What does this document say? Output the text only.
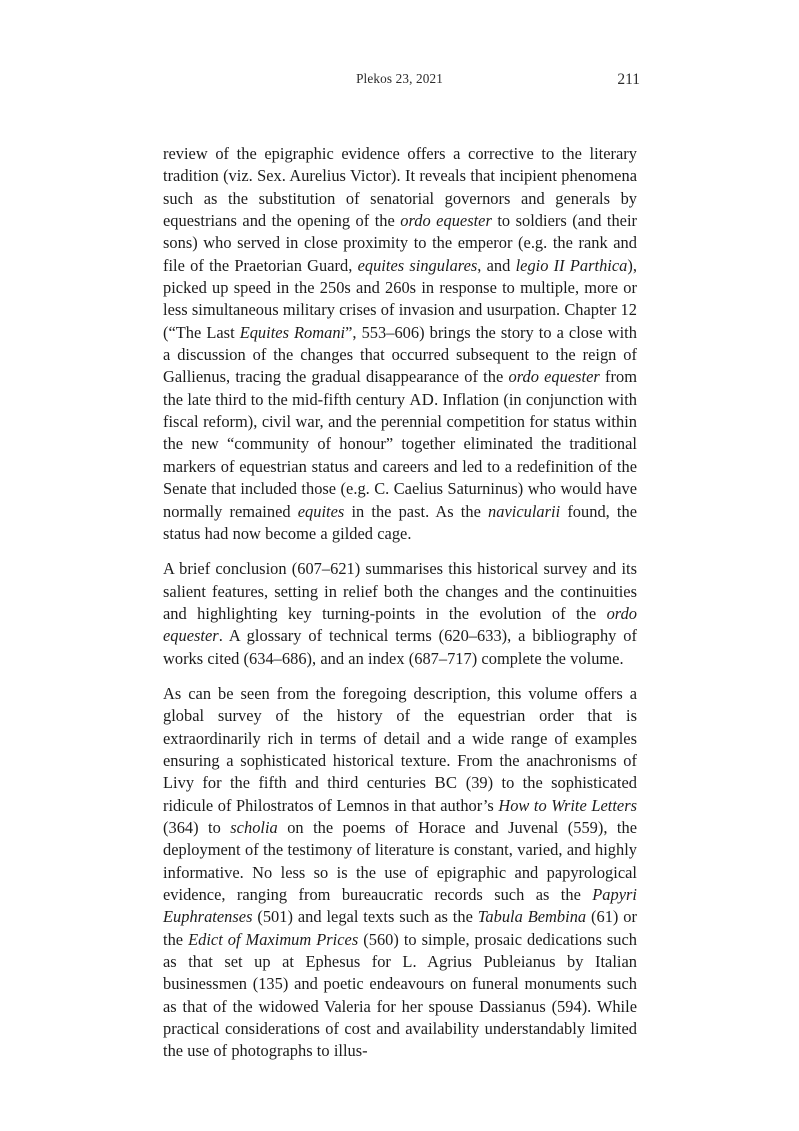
Plekos 23, 2021	211

review of the epigraphic evidence offers a corrective to the literary tradition (viz. Sex. Aurelius Victor). It reveals that incipient phenomena such as the substitution of senatorial governors and generals by equestrians and the opening of the ordo equester to soldiers (and their sons) who served in close proximity to the emperor (e.g. the rank and file of the Praetorian Guard, equites singulares, and legio II Parthica), picked up speed in the 250s and 260s in response to multiple, more or less simultaneous military crises of invasion and usurpation. Chapter 12 (“The Last Equites Romani”, 553–606) brings the story to a close with a discussion of the changes that occurred subsequent to the reign of Gallienus, tracing the gradual disappearance of the ordo equester from the late third to the mid-fifth century AD. Inflation (in conjunction with fiscal reform), civil war, and the perennial competition for status within the new “community of honour” together eliminated the traditional markers of equestrian status and careers and led to a redefinition of the Senate that included those (e.g. C. Caelius Saturninus) who would have normally remained equites in the past. As the navicularii found, the status had now become a gilded cage.

A brief conclusion (607–621) summarises this historical survey and its salient features, setting in relief both the changes and the continuities and highlighting key turning-points in the evolution of the ordo equester. A glossary of technical terms (620–633), a bibliography of works cited (634–686), and an index (687–717) complete the volume.

As can be seen from the foregoing description, this volume offers a global survey of the history of the equestrian order that is extraordinarily rich in terms of detail and a wide range of examples ensuring a sophisticated historical texture. From the anachronisms of Livy for the fifth and third centuries BC (39) to the sophisticated ridicule of Philostratos of Lemnos in that author’s How to Write Letters (364) to scholia on the poems of Horace and Juvenal (559), the deployment of the testimony of literature is constant, varied, and highly informative. No less so is the use of epigraphic and papyrological evidence, ranging from bureaucratic records such as the Papyri Euphratenses (501) and legal texts such as the Tabula Bembina (61) or the Edict of Maximum Prices (560) to simple, prosaic dedications such as that set up at Ephesus for L. Agrius Publeianus by Italian businessmen (135) and poetic endeavours on funeral monuments such as that of the widowed Valeria for her spouse Dassianus (594). While practical considerations of cost and availability understandably limited the use of photographs to illus-
